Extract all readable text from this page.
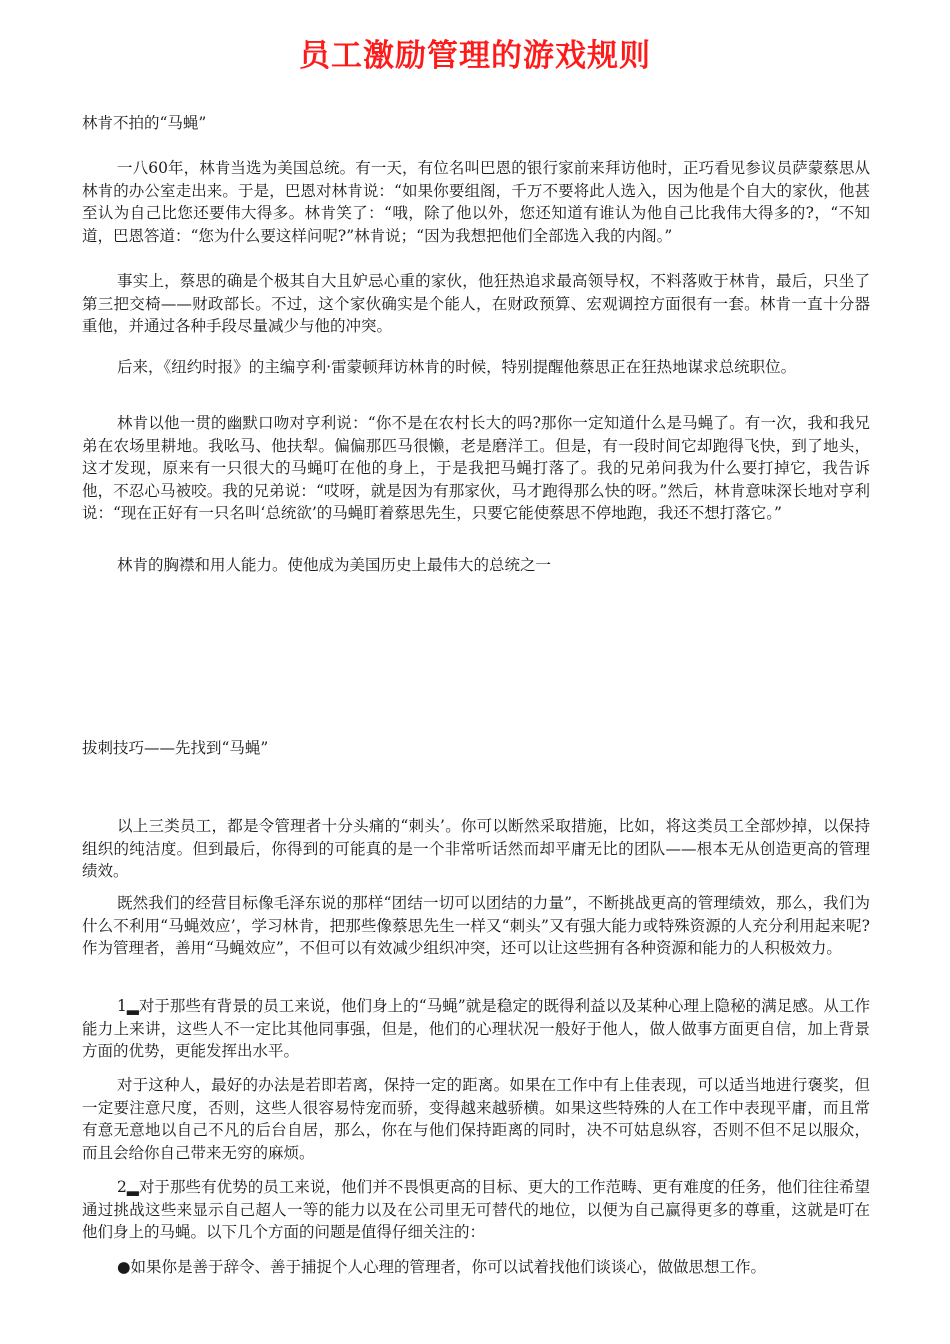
员工激励管理的游戏规则

林肯不拍的“马蝇”

一八60年，林肯当选为美国总统。有一天，有位名叫巴恩的银行家前来拜访他时，正巧看见参议员萨蒙蔡思从林肯的办公室走出来。于是，巴恩对林肯说：“如果你要组阁，千万不要将此人选入，因为他是个自大的家伙，他甚至认为自己比您还要伟大得多。林肯笑了：“哦，除了他以外，您还知道有谁认为他自己比我伟大得多的?，“不知道，巴恩答道：“您为什么要这样问呢?”林肯说；“因为我想把他们全部选入我的内阁。”

事实上，蔡思的确是个极其自大且妒忌心重的家伙，他狂热追求最高领导权，不料落败于林肯，最后，只坐了第三把交椅——财政部长。不过，这个家伙确实是个能人，在财政预算、宏观调控方面很有一套。林肯一直十分器重他，并通过各种手段尽量减少与他的冲突。

后来，《纽约时报》的主编亨利·雷蒙顿拜访林肯的时候，特别提醒他蔡思正在狂热地谋求总统职位。

林肯以他一贯的幽默口吻对亨利说：“你不是在农村长大的吗?那你一定知道什么是马蝇了。有一次，我和我兄弟在农场里耕地。我吆马、他扶犁。偏偏那匹马很懒，老是磨洋工。但是，有一段时间它却跑得飞快，到了地头，这才发现，原来有一只很大的马蝇叮在他的身上，于是我把马蝇打落了。我的兄弟问我为什么要打掉它，我告诉他，不忍心马被咬。我的兄弟说：“哎呀，就是因为有那家伙，马才跑得那么快的呀。”然后，林肯意味深长地对亨利说：“现在正好有一只名叫‘总统欲’的马蝇盯着蔡思先生，只要它能使蔡思不停地跑，我还不想打落它。”

林肯的胸襟和用人能力。使他成为美国历史上最伟大的总统之一

拔刺技巧——先找到“马蝇”

以上三类员工，都是令管理者十分头痛的“刺头’。你可以断然采取措施，比如，将这类员工全部炒掉，以保持组织的纯洁度。但到最后，你得到的可能真的是一个非常听话然而却平庸无比的团队——根本无从创造更高的管理绩效。

既然我们的经营目标像毛泽东说的那样“团结一切可以团结的力量”，不断挑战更高的管理绩效，那么，我们为什么不利用“马蝇效应’，学习林肯，把那些像蔡思先生一样又“刺头”又有强大能力或特殊资源的人充分利用起来呢?作为管理者，善用“马蝇效应”，不但可以有效减少组织冲突，还可以让这些拥有各种资源和能力的人积极效力。

1▂对于那些有背景的员工来说，他们身上的“马蝇”就是稳定的既得利益以及某种心理上隐秘的满足感。从工作能力上来讲，这些人不一定比其他同事强，但是，他们的心理状况一般好于他人，做人做事方面更自信，加上背景方面的优势，更能发挥出水平。

对于这种人，最好的办法是若即若离，保持一定的距离。如果在工作中有上佳表现，可以适当地进行褒奖，但一定要注意尺度，否则，这些人很容易恃宠而骄，变得越来越骄横。如果这些特殊的人在工作中表现平庸，而且常有意无意地以自己不凡的后台自居，那么，你在与他们保持距离的同时，决不可姑息纵容，否则不但不足以服众，而且会给你自己带来无穷的麻烦。

2▂对于那些有优势的员工来说，他们并不畏惧更高的目标、更大的工作范畴、更有难度的任务，他们往往希望通过挑战这些来显示自己超人一等的能力以及在公司里无可替代的地位，以便为自己赢得更多的尊重，这就是叮在他们身上的马蝇。以下几个方面的问题是值得仔细关注的：

●如果你是善于辞令、善于捕捉个人心理的管理者，你可以试着找他们谈谈心，做做思想工作。
